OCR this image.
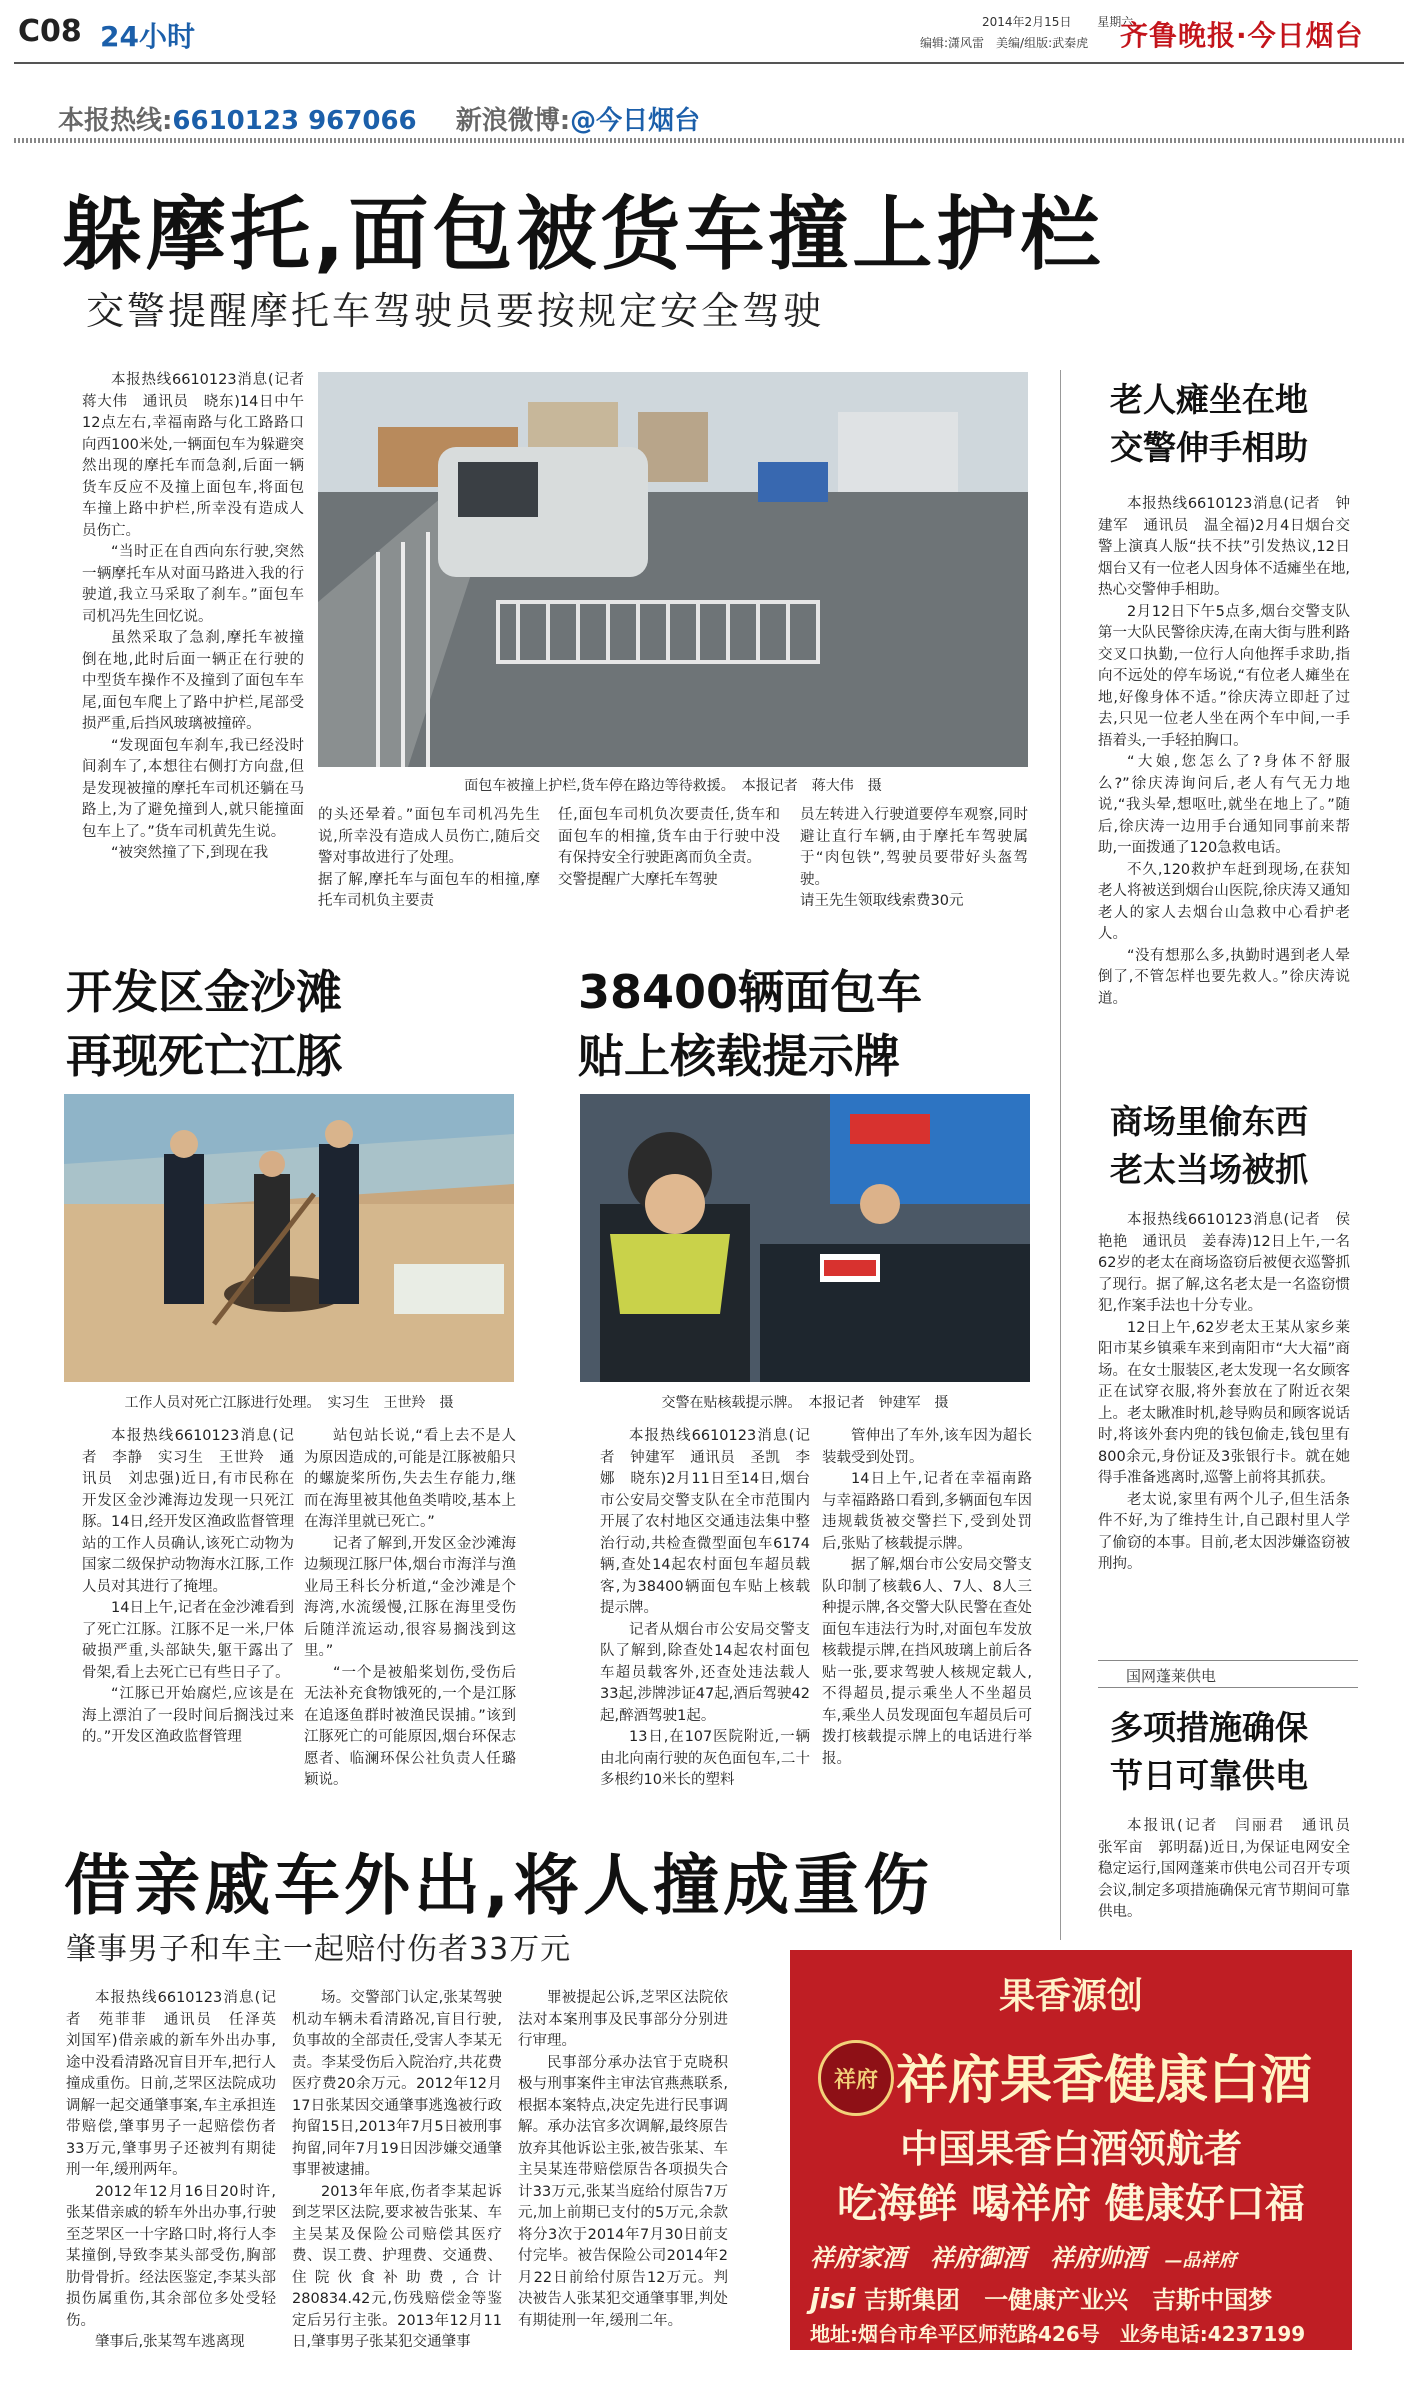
C08 24小时	2014年2月15日 星期六
编辑:潇风雷　美编/组版:武秦虎 齐鲁晚报·今日烟台
本报热线:6610123 967066 新浪微博:@今日烟台
躲摩托,面包被货车撞上护栏
交警提醒摩托车驾驶员要按规定安全驾驶

本报热线6610123消息(记者　蒋大伟　通讯员　晓东)14日中午12点左右,幸福南路与化工路路口向西100米处,一辆面包车为躲避突然出现的摩托车而急刹,后面一辆货车反应不及撞上面包车,将面包车撞上路中护栏,所幸没有造成人员伤亡。

“当时正在自西向东行驶,突然一辆摩托车从对面马路进入我的行驶道,我立马采取了刹车。”面包车司机冯先生回忆说。

虽然采取了急刹,摩托车被撞倒在地,此时后面一辆正在行驶的中型货车操作不及撞到了面包车车尾,面包车爬上了路中护栏,尾部受损严重,后挡风玻璃被撞碎。

“发现面包车刹车,我已经没时间刹车了,本想往右侧打方向盘,但是发现被撞的摩托车司机还躺在马路上,为了避免撞到人,就只能撞面包车上了。”货车司机黄先生说。

“被突然撞了下,到现在我

面包车被撞上护栏,货车停在路边等待救援。　本报记者　蒋大伟　摄
的头还晕着。”面包车司机冯先生说,所幸没有造成人员伤亡,随后交警对事故进行了处理。
据了解,摩托车与面包车的相撞,摩托车司机负主要责
任,面包车司机负次要责任,货车和面包车的相撞,货车由于行驶中没有保持安全行驶距离而负全责。
交警提醒广大摩托车驾驶
员左转进入行驶道要停车观察,同时避让直行车辆,由于摩托车驾驶属于“肉包铁”,驾驶员要带好头盔驾驶。
请王先生领取线索费30元
老人瘫坐在地
交警伸手相助

本报热线6610123消息(记者　钟建军　通讯员　温全福)2月4日烟台交警上演真人版“扶不扶”引发热议,12日烟台又有一位老人因身体不适瘫坐在地,热心交警伸手相助。

2月12日下午5点多,烟台交警支队第一大队民警徐庆涛,在南大街与胜利路交叉口执勤,一位行人向他挥手求助,指向不远处的停车场说,“有位老人瘫坐在地,好像身体不适。”徐庆涛立即赶了过去,只见一位老人坐在两个车中间,一手捂着头,一手轻拍胸口。

“大娘,您怎么了?身体不舒服么?”徐庆涛询问后,老人有气无力地说,“我头晕,想呕吐,就坐在地上了。”随后,徐庆涛一边用手台通知同事前来帮助,一面拨通了120急救电话。

不久,120救护车赶到现场,在获知老人将被送到烟台山医院,徐庆涛又通知老人的家人去烟台山急救中心看护老人。

“没有想那么多,执勤时遇到老人晕倒了,不管怎样也要先救人。”徐庆涛说道。

商场里偷东西
老太当场被抓

本报热线6610123消息(记者　侯艳艳　通讯员　姜春涛)12日上午,一名62岁的老太在商场盗窃后被便衣巡警抓了现行。据了解,这名老太是一名盗窃惯犯,作案手法也十分专业。

12日上午,62岁老太王某从家乡莱阳市某乡镇乘车来到南阳市“大大福”商场。在女士服装区,老太发现一名女顾客正在试穿衣服,将外套放在了附近衣架上。老太瞅准时机,趁导购员和顾客说话时,将该外套内兜的钱包偷走,钱包里有800余元,身份证及3张银行卡。就在她得手准备逃离时,巡警上前将其抓获。

老太说,家里有两个儿子,但生活条件不好,为了维持生计,自己跟村里人学了偷窃的本事。目前,老太因涉嫌盗窃被刑拘。

国网蓬莱供电
多项措施确保
节日可靠供电

本报讯(记者　闫丽君　通讯员　张军亩　郭明磊)近日,为保证电网安全稳定运行,国网蓬莱市供电公司召开专项会议,制定多项措施确保元宵节期间可靠供电。

开发区金沙滩
再现死亡江豚
工作人员对死亡江豚进行处理。　实习生　王世羚　摄

本报热线6610123消息(记者　李静　实习生　王世羚　通讯员　刘忠强)近日,有市民称在开发区金沙滩海边发现一只死江豚。14日,经开发区渔政监督管理站的工作人员确认,该死亡动物为国家二级保护动物海水江豚,工作人员对其进行了掩埋。

14日上午,记者在金沙滩看到了死亡江豚。江豚不足一米,尸体破损严重,头部缺失,躯干露出了骨架,看上去死亡已有些日子了。

“江豚已开始腐烂,应该是在海上漂泊了一段时间后搁浅过来的。”开发区渔政监督管理

站包站长说,“看上去不是人为原因造成的,可能是江豚被船只的螺旋桨所伤,失去生存能力,继而在海里被其他鱼类啃咬,基本上在海洋里就已死亡。”

记者了解到,开发区金沙滩海边频现江豚尸体,烟台市海洋与渔业局王科长分析道,“金沙滩是个海湾,水流缓慢,江豚在海里受伤后随洋流运动,很容易搁浅到这里。”

“一个是被船桨划伤,受伤后无法补充食物饿死的,一个是江豚在追逐鱼群时被渔民误捕。”该到江豚死亡的可能原因,烟台环保志愿者、临澜环保公社负责人任璐颖说。

38400辆面包车
贴上核载提示牌
交警在贴核载提示牌。　本报记者　钟建军　摄

本报热线6610123消息(记者　钟建军　通讯员　圣凯　李娜　晓东)2月11日至14日,烟台市公安局交警支队在全市范围内开展了农村地区交通违法集中整治行动,共检查微型面包车6174辆,查处14起农村面包车超员载客,为38400辆面包车贴上核载提示牌。

记者从烟台市公安局交警支队了解到,除查处14起农村面包车超员载客外,还查处违法载人33起,涉牌涉证47起,酒后驾驶42起,醉酒驾驶1起。

13日,在107医院附近,一辆由北向南行驶的灰色面包车,二十多根约10米长的塑料

管伸出了车外,该车因为超长装载受到处罚。

14日上午,记者在幸福南路与幸福路路口看到,多辆面包车因违规载货被交警拦下,受到处罚后,张贴了核载提示牌。

据了解,烟台市公安局交警支队印制了核载6人、7人、8人三种提示牌,各交警大队民警在查处面包车违法行为时,对面包车发放核载提示牌,在挡风玻璃上前后各贴一张,要求驾驶人核规定载人,不得超员,提示乘坐人不坐超员车,乘坐人员发现面包车超员后可拨打核载提示牌上的电话进行举报。

借亲戚车外出,将人撞成重伤
肇事男子和车主一起赔付伤者33万元

本报热线6610123消息(记者　苑菲菲　通讯员　任泽英　刘国军)借亲戚的新车外出办事,途中没看清路况盲目开车,把行人撞成重伤。日前,芝罘区法院成功调解一起交通肇事案,车主承担连带赔偿,肇事男子一起赔偿伤者33万元,肇事男子还被判有期徒刑一年,缓刑两年。

2012年12月16日20时许,张某借亲戚的轿车外出办事,行驶至芝罘区一十字路口时,将行人李某撞倒,导致李某头部受伤,胸部肋骨骨折。经法医鉴定,李某头部损伤属重伤,其余部位多处受轻伤。

肇事后,张某驾车逃离现

场。交警部门认定,张某驾驶机动车辆未看清路况,盲目行驶,负事故的全部责任,受害人李某无责。李某受伤后入院治疗,共花费医疗费20余万元。2012年12月17日张某因交通肇事逃逸被行政拘留15日,2013年7月5日被刑事拘留,同年7月19日因涉嫌交通肇事罪被逮捕。

2013年年底,伤者李某起诉到芝罘区法院,要求被告张某、车主吴某及保险公司赔偿其医疗费、误工费、护理费、交通费、住院伙食补助费,合计280834.42元,伤残赔偿金等鉴定后另行主张。2013年12月11日,肇事男子张某犯交通肇事

罪被提起公诉,芝罘区法院依法对本案刑事及民事部分分别进行审理。

民事部分承办法官于克晓积极与刑事案件主审法官燕燕联系,根据本案特点,决定先进行民事调解。承办法官多次调解,最终原告放弃其他诉讼主张,被告张某、车主吴某连带赔偿原告各项损失合计33万元,张某当庭给付原告7万元,加上前期已支付的5万元,余款将分3次于2014年7月30日前支付完毕。被告保险公司2014年2月22日前给付原告12万元。判决被告人张某犯交通肇事罪,判处有期徒刑一年,缓刑二年。

果香源创
祥府 祥府果香健康白酒
中国果香白酒领航者
吃海鲜 喝祥府 健康好口福
祥府家酒　祥府御酒　祥府帅酒 —品祥府
jisi 吉斯集团 一健康产业兴　吉斯中国梦
地址:烟台市牟平区师范路426号　业务电话:4237199
